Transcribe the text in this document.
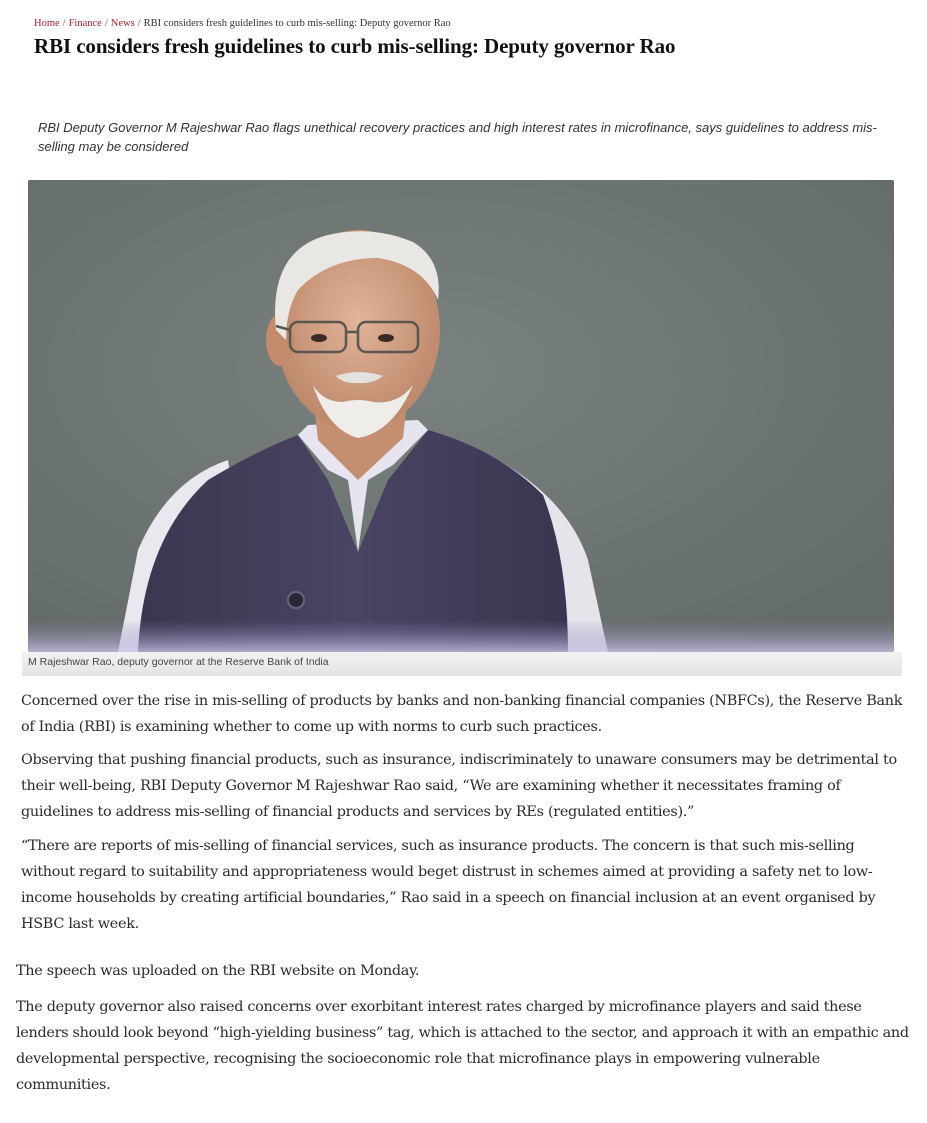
Home / Finance / News / RBI considers fresh guidelines to curb mis-selling: Deputy governor Rao
RBI considers fresh guidelines to curb mis-selling: Deputy governor Rao

RBI Deputy Governor M Rajeshwar Rao flags unethical recovery practices and high interest rates in microfinance, says guidelines to address mis-selling may be considered

M Rajeshwar Rao, deputy governor at the Reserve Bank of India

Concerned over the rise in mis-selling of products by banks and non-banking financial companies (NBFCs), the Reserve Bank of India (RBI) is examining whether to come up with norms to curb such practices.

Observing that pushing financial products, such as insurance, indiscriminately to unaware consumers may be detrimental to their well-being, RBI Deputy Governor M Rajeshwar Rao said, “We are examining whether it necessitates framing of guidelines to address mis-selling of financial products and services by REs (regulated entities).”

“There are reports of mis-selling of financial services, such as insurance products. The concern is that such mis-selling without regard to suitability and appropriateness would beget distrust in schemes aimed at providing a safety net to low-income households by creating artificial boundaries,” Rao said in a speech on financial inclusion at an event organised by HSBC last week.

The speech was uploaded on the RBI website on Monday.

The deputy governor also raised concerns over exorbitant interest rates charged by microfinance players and said these lenders should look beyond “high-yielding business” tag, which is attached to the sector, and approach it with an empathic and developmental perspective, recognising the socioeconomic role that microfinance plays in empowering vulnerable communities.
